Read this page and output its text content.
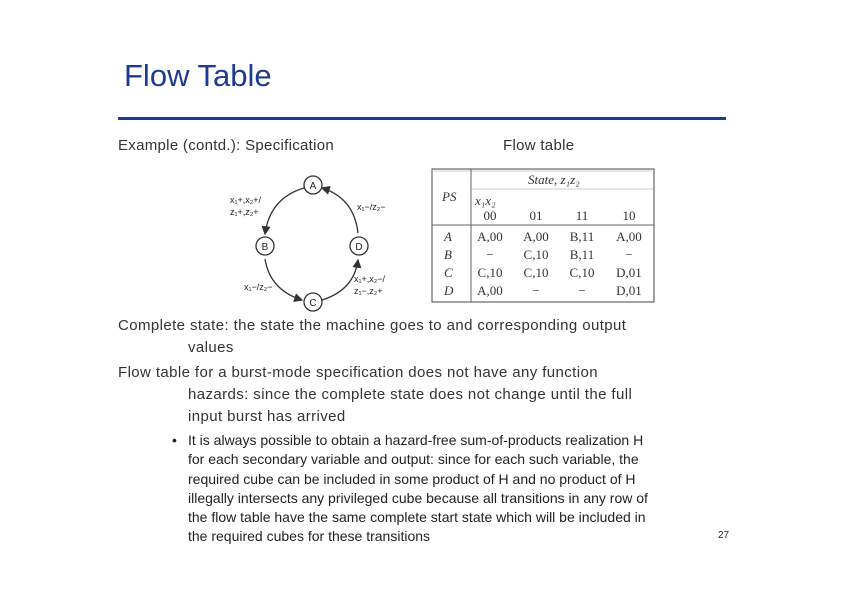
Flow Table
Example (contd.): Specification	Flow table
A
B
C
D
x₁+,x₂+/
z₁+,z₂+	x₁−/z₂−
x₁−/z₂−
x₁+,x₂−/
z₁−,z₂+
PS
State, z₁z₂
x₁x₂
00	01	11	10
A A,00 A,00 B,11 A,00
B	− C,10 B,11 −
C C,10 C,10 C,10 D,01
D A,00 −	− D,01
Complete state: the state the machine goes to and corresponding output
values
Flow table for a burst-mode specification does not have any function
hazards: since the complete state does not change until the full
input burst has arrived
• It is always possible to obtain a hazard-free sum-of-products realization H
for each secondary variable and output: since for each such variable, the
required cube can be included in some product of H and no product of H
illegally intersects any privileged cube because all transitions in any row of
the flow table have the same complete start state which will be included in
the required cubes for these transitions	27
